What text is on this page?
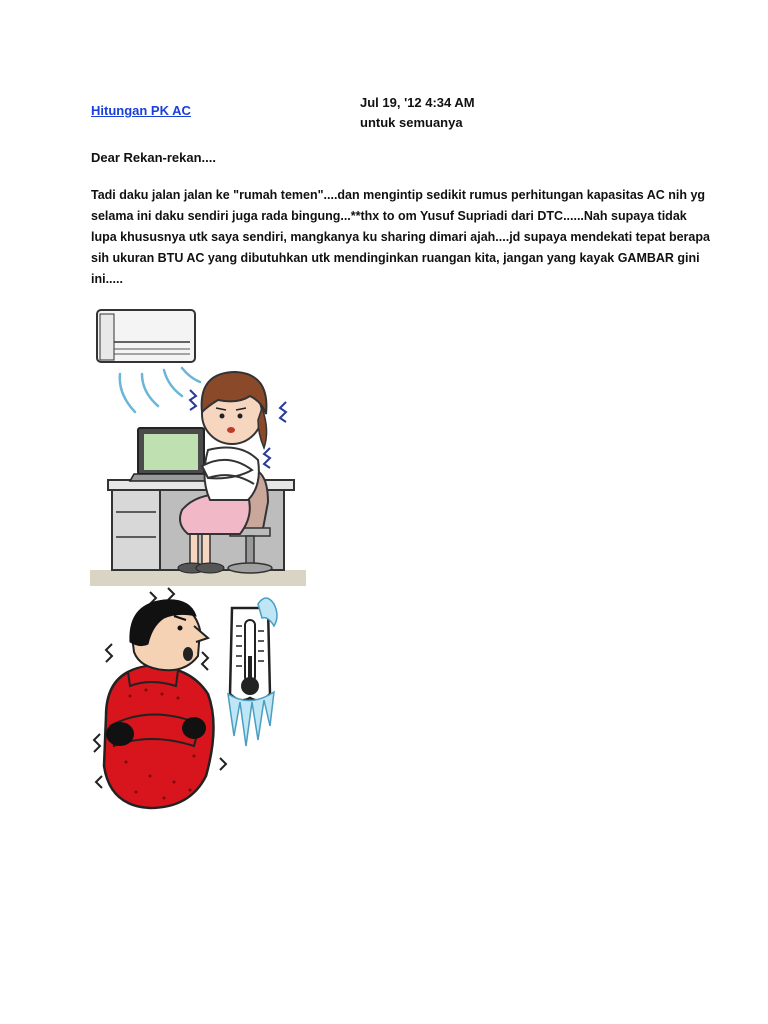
Hitungan PK AC
Jul 19, '12 4:34 AM
untuk semuanya
Dear Rekan-rekan....
Tadi daku jalan jalan ke "rumah temen"....dan mengintip sedikit rumus perhitungan kapasitas AC nih yg
selama ini daku sendiri juga rada bingung...**thx to om Yusuf Supriadi dari DTC......Nah supaya tidak
lupa khususnya utk saya sendiri, mangkanya ku sharing dimari ajah....jd supaya mendekati tepat berapa
sih ukuran BTU AC yang dibutuhkan utk mendinginkan ruangan kita, jangan yang kayak GAMBAR gini
ini.....
